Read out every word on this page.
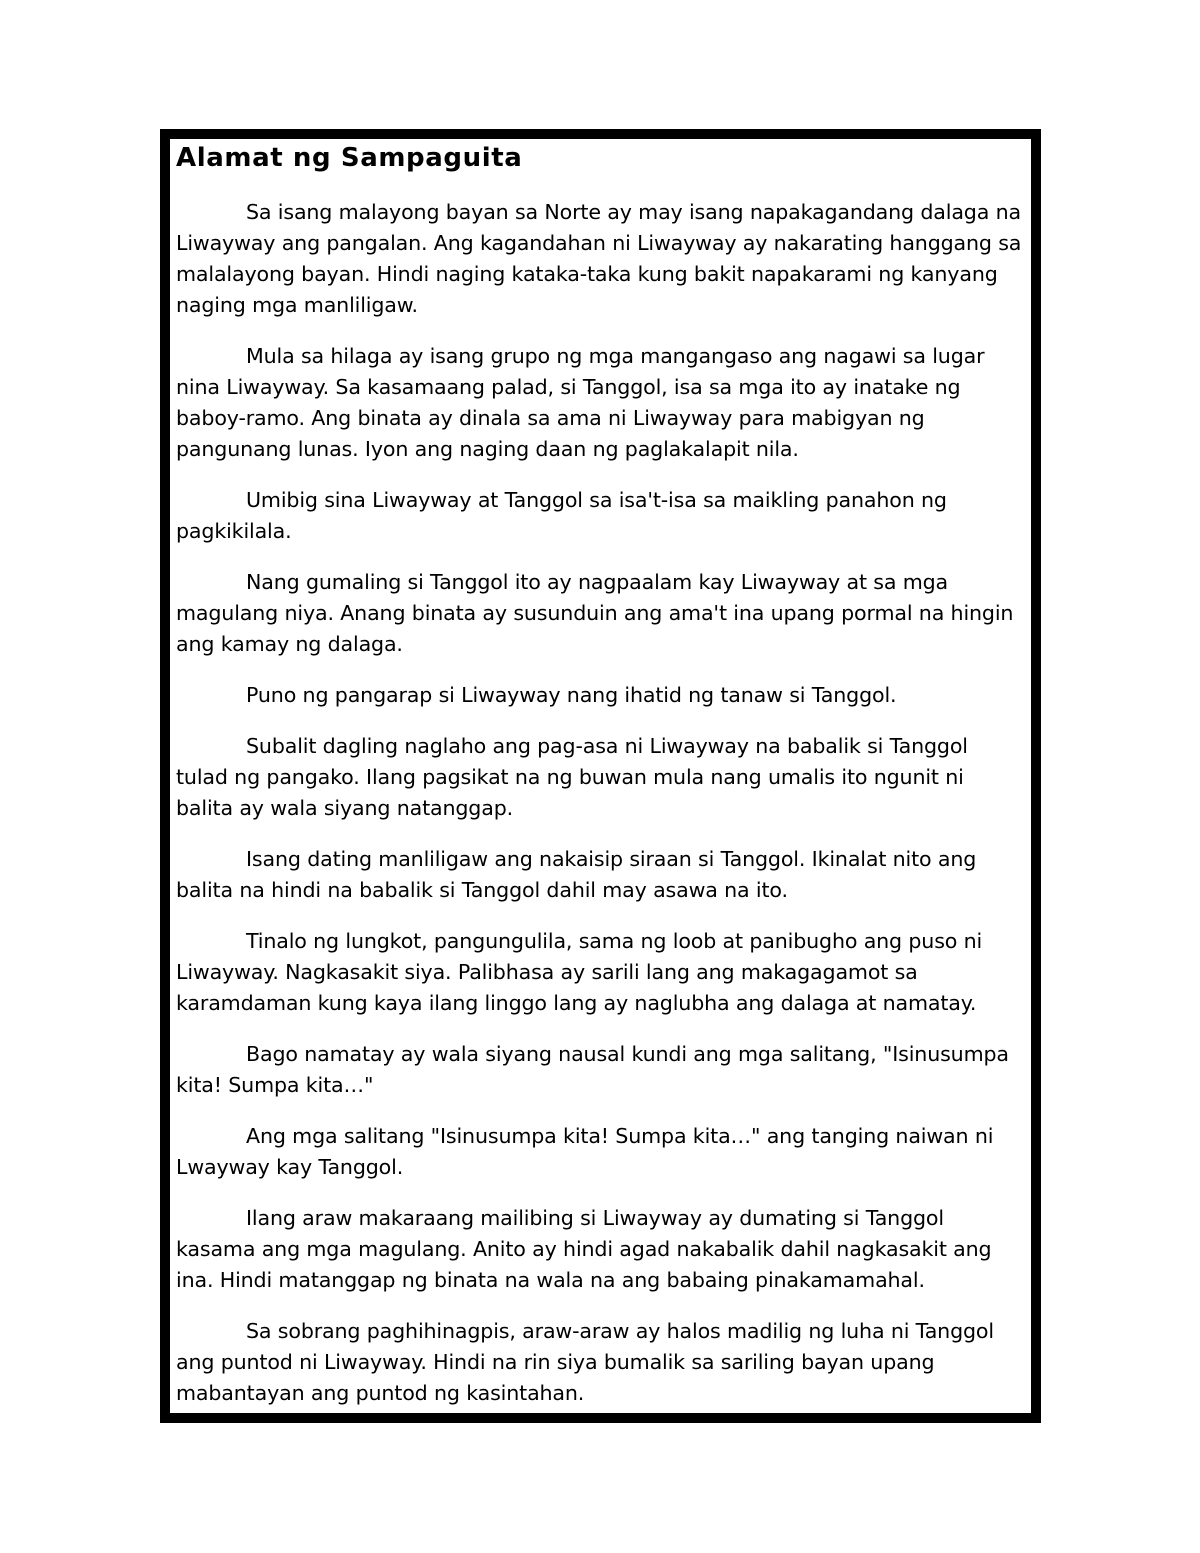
Alamat ng Sampaguita

Sa isang malayong bayan sa Norte ay may isang napakagandang dalaga na Liwayway ang pangalan. Ang kagandahan ni Liwayway ay nakarating hanggang sa malalayong bayan. Hindi naging kataka-taka kung bakit napakarami ng kanyang naging mga manliligaw.

Mula sa hilaga ay isang grupo ng mga mangangaso ang nagawi sa lugar nina Liwayway. Sa kasamaang palad, si Tanggol, isa sa mga ito ay inatake ng baboy-ramo. Ang binata ay dinala sa ama ni Liwayway para mabigyan ng pangunang lunas. Iyon ang naging daan ng paglakalapit nila.

Umibig sina Liwayway at Tanggol sa isa't-isa sa maikling panahon ng pagkikilala.

Nang gumaling si Tanggol ito ay nagpaalam kay Liwayway at sa mga magulang niya. Anang binata ay susunduin ang ama't ina upang pormal na hingin ang kamay ng dalaga.

Puno ng pangarap si Liwayway nang ihatid ng tanaw si Tanggol.

Subalit dagling naglaho ang pag-asa ni Liwayway na babalik si Tanggol tulad ng pangako. Ilang pagsikat na ng buwan mula nang umalis ito ngunit ni balita ay wala siyang natanggap.

Isang dating manliligaw ang nakaisip siraan si Tanggol. Ikinalat nito ang balita na hindi na babalik si Tanggol dahil may asawa na ito.

Tinalo ng lungkot, pangungulila, sama ng loob at panibugho ang puso ni Liwayway. Nagkasakit siya. Palibhasa ay sarili lang ang makagagamot sa karamdaman kung kaya ilang linggo lang ay naglubha ang dalaga at namatay.

Bago namatay ay wala siyang nausal kundi ang mga salitang, "Isinusumpa kita! Sumpa kita…"

Ang mga salitang "Isinusumpa kita! Sumpa kita…" ang tanging naiwan ni Lwayway kay Tanggol.

Ilang araw makaraang mailibing si Liwayway ay dumating si Tanggol kasama ang mga magulang. Anito ay hindi agad nakabalik dahil nagkasakit ang ina. Hindi matanggap ng binata na wala na ang babaing pinakamamahal.

Sa sobrang paghihinagpis, araw-araw ay halos madilig ng luha ni Tanggol ang puntod ni Liwayway. Hindi na rin siya bumalik sa sariling bayan upang mabantayan ang puntod ng kasintahan.
